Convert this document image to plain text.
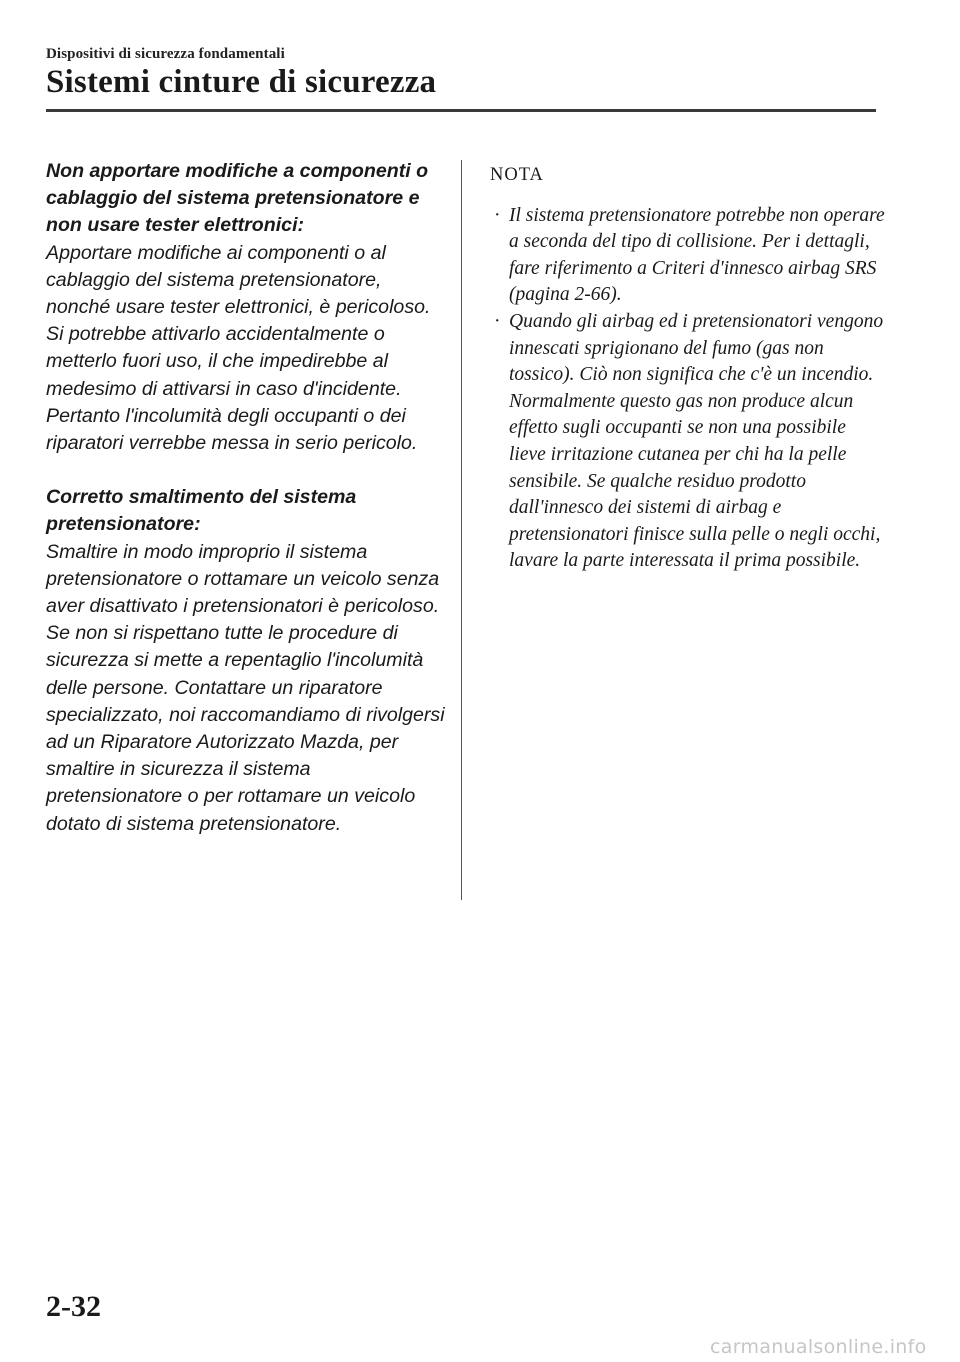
Dispositivi di sicurezza fondamentali
Sistemi cinture di sicurezza
Non apportare modifiche a componenti o cablaggio del sistema pretensionatore e non usare tester elettronici:
Apportare modifiche ai componenti o al cablaggio del sistema pretensionatore, nonché usare tester elettronici, è pericoloso. Si potrebbe attivarlo accidentalmente o metterlo fuori uso, il che impedirebbe al medesimo di attivarsi in caso d'incidente. Pertanto l'incolumità degli occupanti o dei riparatori verrebbe messa in serio pericolo.
Corretto smaltimento del sistema pretensionatore:
Smaltire in modo improprio il sistema pretensionatore o rottamare un veicolo senza aver disattivato i pretensionatori è pericoloso. Se non si rispettano tutte le procedure di sicurezza si mette a repentaglio l'incolumità delle persone. Contattare un riparatore specializzato, noi raccomandiamo di rivolgersi ad un Riparatore Autorizzato Mazda, per smaltire in sicurezza il sistema pretensionatore o per rottamare un veicolo dotato di sistema pretensionatore.
NOTA
· Il sistema pretensionatore potrebbe non operare a seconda del tipo di collisione. Per i dettagli, fare riferimento a Criteri d'innesco airbag SRS (pagina 2-66).
· Quando gli airbag ed i pretensionatori vengono innescati sprigionano del fumo (gas non tossico). Ciò non significa che c'è un incendio. Normalmente questo gas non produce alcun effetto sugli occupanti se non una possibile lieve irritazione cutanea per chi ha la pelle sensibile. Se qualche residuo prodotto dall'innesco dei sistemi di airbag e pretensionatori finisce sulla pelle o negli occhi, lavare la parte interessata il prima possibile.
2-32
carmanualsonline.info
